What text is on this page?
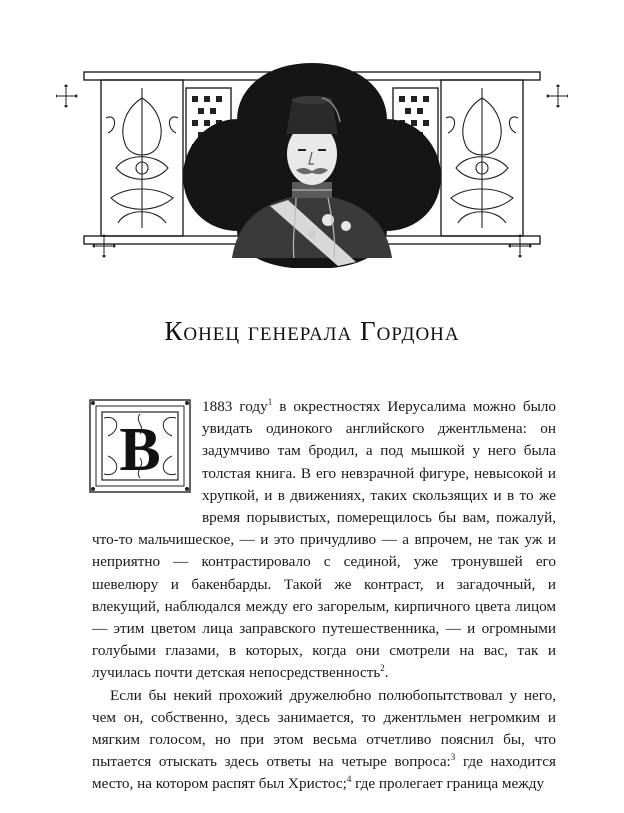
Конец генерала Гордона
В

1883 году$^1$ в окрестностях Иерусалима можно было увидать одинокого английского джентльмена: он задумчиво там бродил, а под мышкой у него была толстая книга. В его невзрачной фигуре, невысокой и хрупкой, и в движениях, таких скользящих и в то же время порывистых, померещилось бы вам, пожалуй, что-то мальчишеское, — и это причудливо — а впрочем, не так уж и неприятно — контрастировало с сединой, уже тронувшей его шевелюру и бакенбарды. Такой же контраст, и загадочный, и влекущий, наблюдался между его загорелым, кирпичного цвета лицом — этим цветом лица заправского путешественника, — и огромными голубыми глазами, в которых, когда они смотрели на вас, так и лучилась почти детская непосредственность$^2$.

Если бы некий прохожий дружелюбно полюбопытствовал у него, чем он, собственно, здесь занимается, то джентльмен негромким и мягким голосом, но при этом весьма отчетливо пояснил бы, что пытается отыскать здесь ответы на четыре вопроса:$^3$ где находится место, на котором распят был Христос;$^4$ где пролегает граница между
